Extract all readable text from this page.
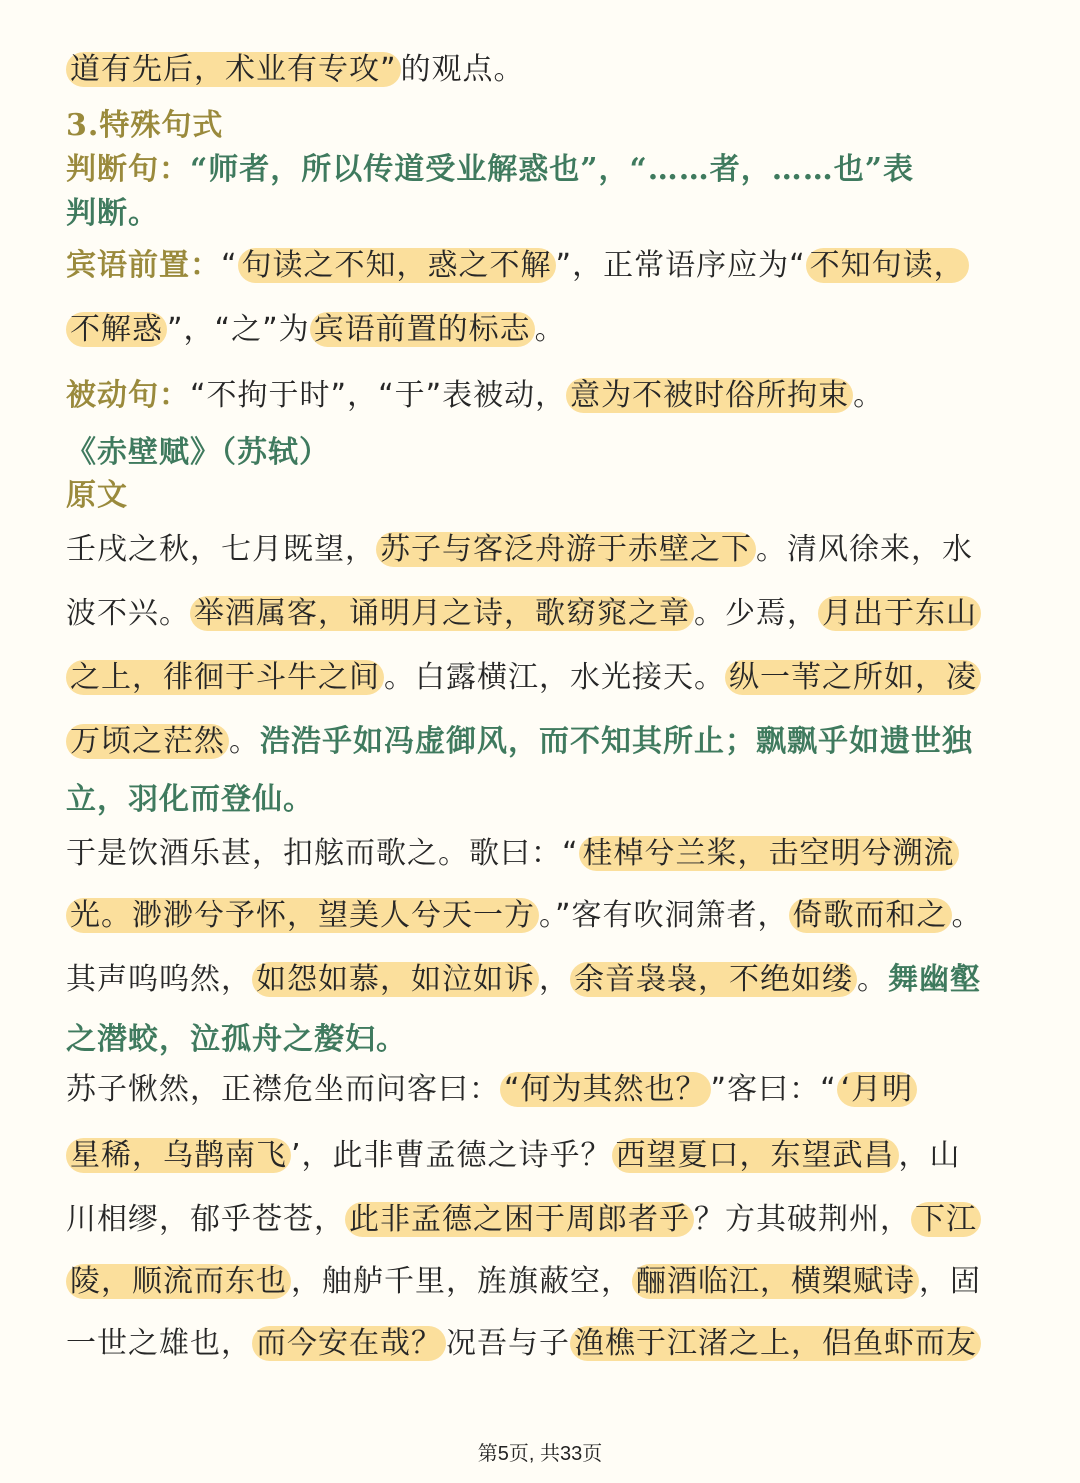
道有先后，术业有专攻” 的观点。
3.特殊句式
判断句：“师者，所以传道受业解惑也”，“……者，……也”表
判断。
宾语前置：“ 句读之不知，惑之不解 ”，正常语序应为“ 不知句读，
不解惑 ”，“之”为 宾语前置的标志 。
被动句：“不拘于时”，“于”表被动， 意为不被时俗所拘束 。
《赤壁赋》（苏轼）
原文
壬戌之秋，七月既望， 苏子与客泛舟游于赤壁之下 。清风徐来，水
波不兴。 举酒属客，诵明月之诗，歌窈窕之章 。少焉， 月出于东山
之上，徘徊于斗牛之间 。白露横江，水光接天。 纵一苇之所如，凌
万顷之茫然 。浩浩乎如冯虚御风，而不知其所止；飘飘乎如遗世独
立，羽化而登仙。
于是饮酒乐甚，扣舷而歌之。歌曰：“ 桂棹兮兰桨，击空明兮溯流
光。渺渺兮予怀，望美人兮天一方 。”客有吹洞箫者， 倚歌而和之 。
其声呜呜然， 如怨如慕，如泣如诉 ， 余音袅袅，不绝如缕 。舞幽壑
之潜蛟，泣孤舟之嫠妇。
苏子愀然，正襟危坐而问客曰： “何为其然也？ ”客曰：“ ‘月明
星稀，乌鹊南飞 ’，此非曹孟德之诗乎？ 西望夏口，东望武昌 ，山
川相缪，郁乎苍苍， 此非孟德之困于周郎者乎 ？方其破荆州， 下江
陵，顺流而东也 ，舳舻千里，旌旗蔽空， 酾酒临江，横槊赋诗 ，固
一世之雄也， 而今安在哉？ 况吾与子 渔樵于江渚之上，侣鱼虾而友
第5页, 共33页
